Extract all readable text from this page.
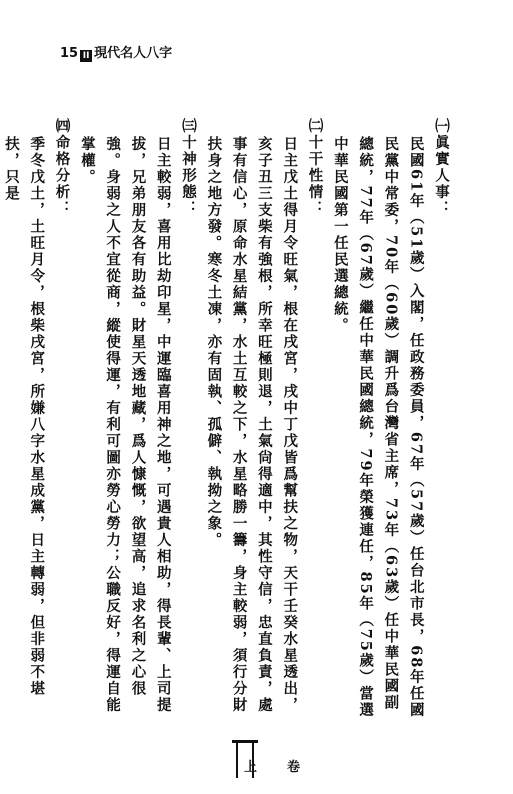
15 II 現代名人八字

㈠眞實人事：

民國61年（51歲）入閣，任政務委員，67年（57歲）任台北市長，68年任國民黨中常委，70年（60歲）調升爲台灣省主席，73年（63歲）任中華民國副總統，77年（67歲）繼任中華民國總統，79年榮獲連任，85年（75歲）當選中華民國第一任民選總統。

㈡十干性情：

日主戊土得月令旺氣，根在戌宮，戌中丁戊皆爲幫扶之物，天干壬癸水星透出，亥子丑三支柴有強根，所幸旺極則退，土氣尙得適中，其性守信，忠直負責，處事有信心，原命水星結黨，水土互較之下，水星略勝一籌，身主較弱，須行分財扶身之地方發。寒冬土凍，亦有固執、孤僻、執拗之象。

㈢十神形態：

日主較弱，喜用比劫印星，中運臨喜用神之地，可遇貴人相助，得長輩、上司提拔，兄弟朋友各有助益。財星天透地藏，爲人慷慨，欲望高，追求名利之心很強。身弱之人不宜從商，縱使得運，有利可圖亦勞心勞力；公職反好，得運自能掌權。

㈣命格分析：

季冬戊土，土旺月令，根柴戌宮，所嫌八字水星成黨，日主轉弱，但非弱不堪扶，只是

上卷
